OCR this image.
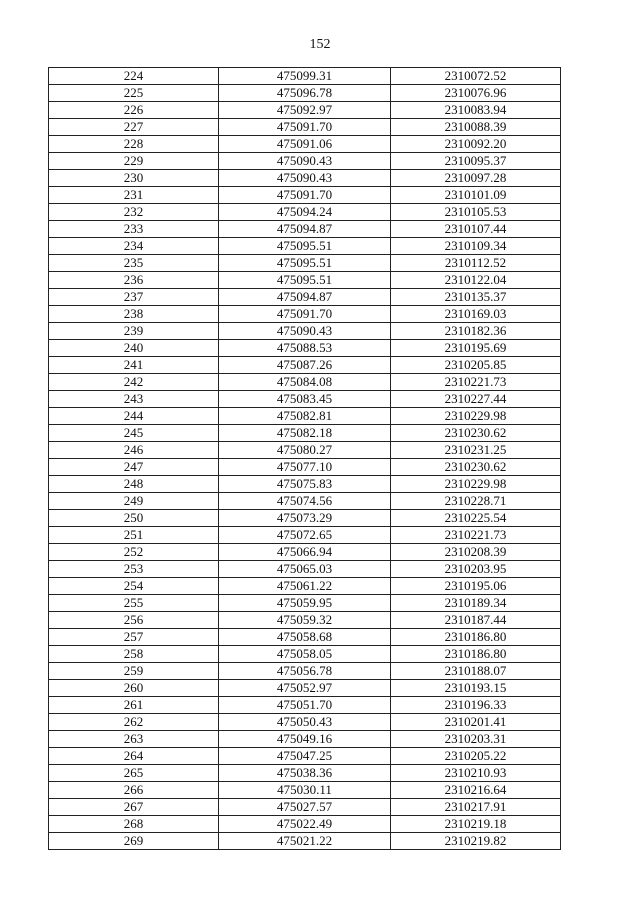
152
224	475099.31	2310072.52
225	475096.78	2310076.96
226	475092.97	2310083.94
227	475091.70	2310088.39
228	475091.06	2310092.20
229	475090.43	2310095.37
230	475090.43	2310097.28
231	475091.70	2310101.09
232	475094.24	2310105.53
233	475094.87	2310107.44
234	475095.51	2310109.34
235	475095.51	2310112.52
236	475095.51	2310122.04
237	475094.87	2310135.37
238	475091.70	2310169.03
239	475090.43	2310182.36
240	475088.53	2310195.69
241	475087.26	2310205.85
242	475084.08	2310221.73
243	475083.45	2310227.44
244	475082.81	2310229.98
245	475082.18	2310230.62
246	475080.27	2310231.25
247	475077.10	2310230.62
248	475075.83	2310229.98
249	475074.56	2310228.71
250	475073.29	2310225.54
251	475072.65	2310221.73
252	475066.94	2310208.39
253	475065.03	2310203.95
254	475061.22	2310195.06
255	475059.95	2310189.34
256	475059.32	2310187.44
257	475058.68	2310186.80
258	475058.05	2310186.80
259	475056.78	2310188.07
260	475052.97	2310193.15
261	475051.70	2310196.33
262	475050.43	2310201.41
263	475049.16	2310203.31
264	475047.25	2310205.22
265	475038.36	2310210.93
266	475030.11	2310216.64
267	475027.57	2310217.91
268	475022.49	2310219.18
269	475021.22	2310219.82
